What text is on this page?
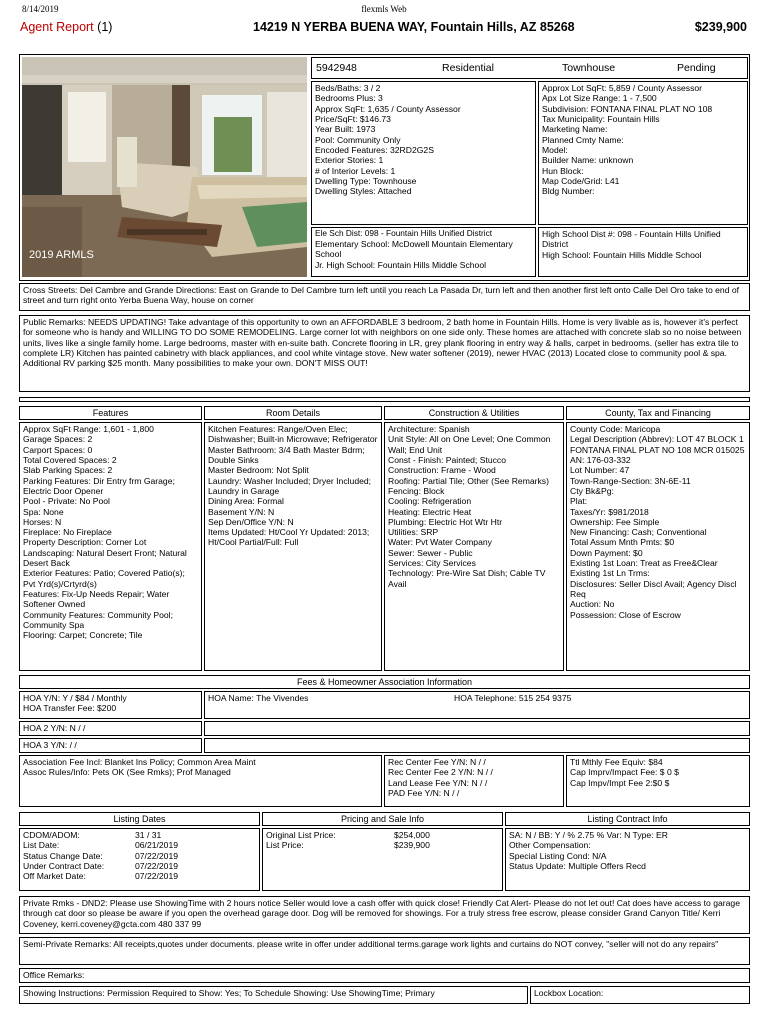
8/14/2019	flexmls Web
Agent Report (1)	14219 N YERBA BUENA WAY, Fountain Hills, AZ 85268	$239,900
2019 ARMLS
5942948	Residential	Townhouse	Pending
Beds/Baths: 3 / 2
Bedrooms Plus: 3
Approx SqFt: 1,635 / County Assessor
Price/SqFt: $146.73
Year Built: 1973
Pool: Community Only
Encoded Features: 32RD2G2S
Exterior Stories: 1
# of Interior Levels: 1
Dwelling Type: Townhouse
Dwelling Styles: Attached
Approx Lot SqFt: 5,859 / County Assessor
Apx Lot Size Range: 1 - 7,500
Subdivision: FONTANA FINAL PLAT NO 108
Tax Municipality: Fountain Hills
Marketing Name:
Planned Cmty Name:
Model:
Builder Name: unknown
Hun Block:
Map Code/Grid: L41
Bldg Number:
Ele Sch Dist: 098 - Fountain Hills Unified District
Elementary School: McDowell Mountain Elementary School
Jr. High School: Fountain Hills Middle School
High School Dist #: 098 - Fountain Hills Unified District
High School: Fountain Hills Middle School
Cross Streets: Del Cambre and Grande Directions: East on Grande to Del Cambre turn left until you reach La Pasada Dr, turn left and then another first left onto Calle Del Oro take to end of street and turn right onto Yerba Buena Way, house on corner
Public Remarks: NEEDS UPDATING! Take advantage of this opportunity to own an AFFORDABLE 3 bedroom, 2 bath home in Fountain Hills. Home is very livable as is, however it's perfect for someone who is handy and WILLING TO DO SOME REMODELING. Large corner lot with neighbors on one side only. These homes are attached with concrete slab so no noise between units, lives like a single family home. Large bedrooms, master with en-suite bath. Concrete flooring in LR, grey plank flooring in entry way & halls, carpet in bedrooms. (seller has extra tile to complete LR) Kitchen has painted cabinetry with black appliances, and cool white vintage stove. New water softener (2019), newer HVAC (2013) Located close to community pool & spa. Additional RV parking $25 month. Many possibilities to make your own. DON'T MISS OUT!
Features	Room Details	Construction & Utilities	County, Tax and Financing
Approx SqFt Range: 1,601 - 1,800
Garage Spaces: 2
Carport Spaces: 0
Total Covered Spaces: 2
Slab Parking Spaces: 2
Parking Features: Dir Entry frm Garage; Electric Door Opener
Pool - Private: No Pool
Spa: None
Horses: N
Fireplace: No Fireplace
Property Description: Corner Lot
Landscaping: Natural Desert Front; Natural Desert Back
Exterior Features: Patio; Covered Patio(s); Pvt Yrd(s)/Crtyrd(s)
Features: Fix-Up Needs Repair; Water Softener Owned
Community Features: Community Pool; Community Spa
Flooring: Carpet; Concrete; Tile
Kitchen Features: Range/Oven Elec; Dishwasher; Built-in Microwave; Refrigerator
Master Bathroom: 3/4 Bath Master Bdrm; Double Sinks
Master Bedroom: Not Split
Laundry: Washer Included; Dryer Included; Laundry in Garage
Dining Area: Formal
Basement Y/N: N
Sep Den/Office Y/N: N
Items Updated: Ht/Cool Yr Updated: 2013; Ht/Cool Partial/Full: Full
Architecture: Spanish
Unit Style: All on One Level; One Common Wall; End Unit
Const - Finish: Painted; Stucco
Construction: Frame - Wood
Roofing: Partial Tile; Other (See Remarks)
Fencing: Block
Cooling: Refrigeration
Heating: Electric Heat
Plumbing: Electric Hot Wtr Htr
Utilities: SRP
Water: Pvt Water Company
Sewer: Sewer - Public
Services: City Services
Technology: Pre-Wire Sat Dish; Cable TV Avail
County Code: Maricopa
Legal Description (Abbrev): LOT 47 BLOCK 1 FONTANA FINAL PLAT NO 108 MCR 015025
AN: 176-03-332
Lot Number: 47
Town-Range-Section: 3N-6E-11
Cty Bk&Pg:
Plat:
Taxes/Yr: $981/2018
Ownership: Fee Simple
New Financing: Cash; Conventional
Total Assum Mnth Pmts: $0
Down Payment: $0
Existing 1st Loan: Treat as Free&Clear
Existing 1st Ln Trms:
Disclosures: Seller Discl Avail; Agency Discl Req
Auction: No
Possession: Close of Escrow
Fees & Homeowner Association Information
HOA Y/N: Y / $84 / Monthly
HOA Transfer Fee: $200
HOA Name: The Vivendes	HOA Telephone: 515 254 9375
HOA 2 Y/N: N / /
HOA 3 Y/N: / /
Association Fee Incl: Blanket Ins Policy; Common Area Maint
Assoc Rules/Info: Pets OK (See Rmks); Prof Managed
Rec Center Fee Y/N: N / /
Rec Center Fee 2 Y/N: N / /
Land Lease Fee Y/N: N / /
PAD Fee Y/N: N / /
Ttl Mthly Fee Equiv: $84
Cap Imprv/Impact Fee: $ 0 $
Cap Impv/Impt Fee 2:$0 $
Listing Dates	Pricing and Sale Info	Listing Contract Info
CDOM/ADOM:	31 / 31
List Date:	06/21/2019
Status Change Date:	07/22/2019
Under Contract Date:	07/22/2019
Off Market Date:	07/22/2019
Original List Price:	$254,000
List Price:	$239,900
SA: N / BB: Y / % 2.75 % Var: N Type: ER
Other Compensation:
Special Listing Cond: N/A
Status Update: Multiple Offers Recd
Private Rmks - DND2: Please use ShowingTime with 2 hours notice Seller would love a cash offer with quick close! Friendly Cat Alert- Please do not let out! Cat does have access to garage through cat door so please be aware if you open the overhead garage door. Dog will be removed for showings. For a truly stress free escrow, please consider Grand Canyon Title/ Kerri Coveney, kerri.coveney@gcta.com 480 337 99
Semi-Private Remarks: All receipts,quotes under documents. please write in offer under additional terms.garage work lights and curtains do NOT convey, "seller will not do any repairs"
Office Remarks:
Showing Instructions: Permission Required to Show: Yes; To Schedule Showing: Use ShowingTime; Primary	Lockbox Location:
